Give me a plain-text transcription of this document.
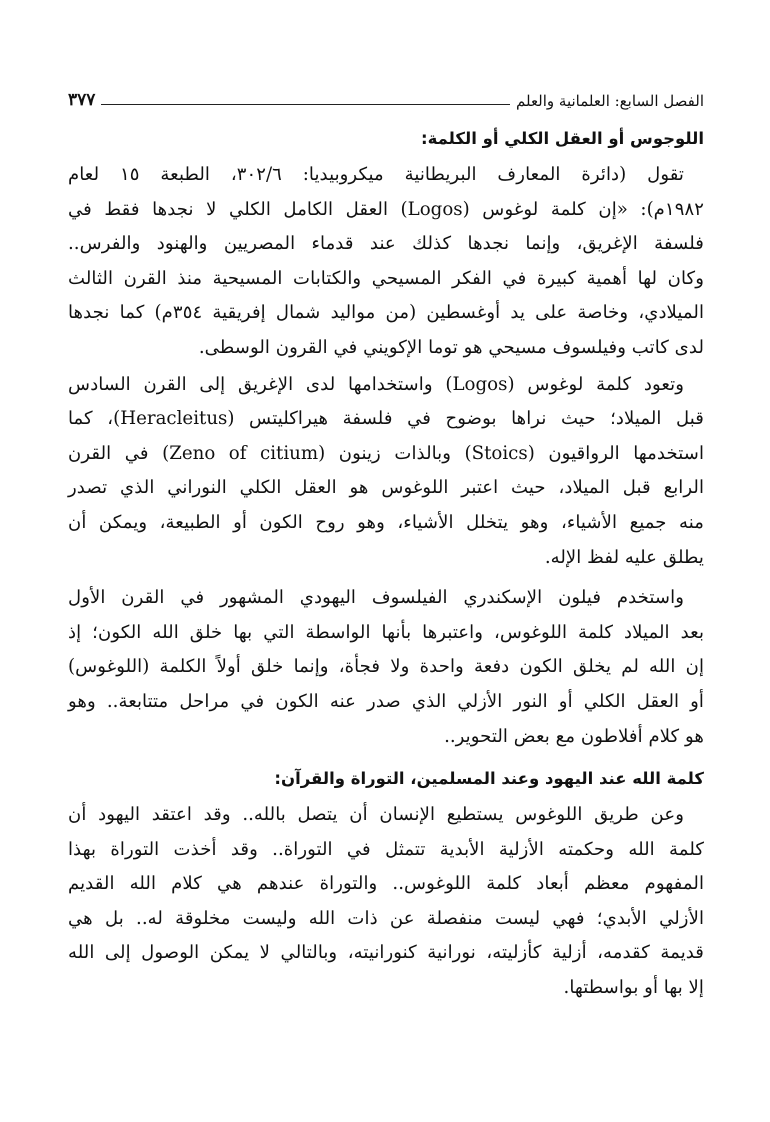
الفصل السابع: العلمانية والعلم
٣٧٧
اللوجوس أو العقل الكلي أو الكلمة:

تقول (دائرة المعارف البريطانية ميكروبيديا: ٣٠٢/٦، الطبعة ١٥ لعام
١٩٨٢م): «إن كلمة لوغوس (Logos) العقل الكامل الكلي لا نجدها فقط في
فلسفة الإغريق، وإنما نجدها كذلك عند قدماء المصريين والهنود والفرس..
وكان لها أهمية كبيرة في الفكر المسيحي والكتابات المسيحية منذ القرن الثالث
الميلادي، وخاصة على يد أوغسطين (من مواليد شمال إفريقية ٣٥٤م) كما نجدها
لدى كاتب وفيلسوف مسيحي هو توما الإكويني في القرون الوسطى.

وتعود كلمة لوغوس (Logos) واستخدامها لدى الإغريق إلى القرن السادس
قبل الميلاد؛ حيث نراها بوضوح في فلسفة هيراكليتس (Heracleitus)، كما
استخدمها الرواقيون (Stoics) وبالذات زينون (Zeno of citium) في القرن
الرابع قبل الميلاد، حيث اعتبر اللوغوس هو العقل الكلي النوراني الذي تصدر
منه جميع الأشياء، وهو يتخلل الأشياء، وهو روح الكون أو الطبيعة، ويمكن أن
يطلق عليه لفظ الإله.

واستخدم فيلون الإسكندري الفيلسوف اليهودي المشهور في القرن الأول
بعد الميلاد كلمة اللوغوس، واعتبرها بأنها الواسطة التي بها خلق الله الكون؛ إذ
إن الله لم يخلق الكون دفعة واحدة ولا فجأة، وإنما خلق أولاً الكلمة (اللوغوس)
أو العقل الكلي أو النور الأزلي الذي صدر عنه الكون في مراحل متتابعة.. وهو
هو كلام أفلاطون مع بعض التحوير..

كلمة الله عند اليهود وعند المسلمين، التوراة والقرآن:

وعن طريق اللوغوس يستطيع الإنسان أن يتصل بالله.. وقد اعتقد اليهود أن
كلمة الله وحكمته الأزلية الأبدية تتمثل في التوراة.. وقد أخذت التوراة بهذا
المفهوم معظم أبعاد كلمة اللوغوس.. والتوراة عندهم هي كلام الله القديم
الأزلي الأبدي؛ فهي ليست منفصلة عن ذات الله وليست مخلوقة له.. بل هي
قديمة كقدمه، أزلية كأزليته، نورانية كنورانيته، وبالتالي لا يمكن الوصول إلى الله
إلا بها أو بواسطتها.
